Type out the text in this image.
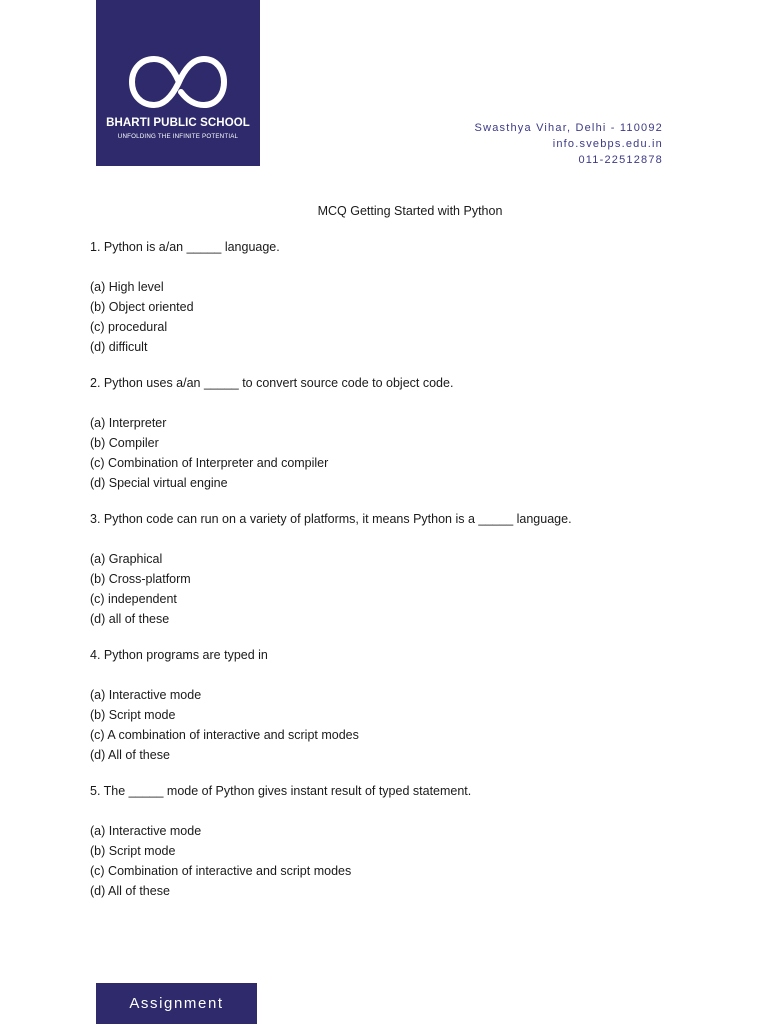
BHARTI PUBLIC SCHOOL
UNFOLDING THE INFINITE POTENTIAL
Swasthya Vihar, Delhi - 110092
info.svebps.edu.in
011-22512878
MCQ Getting Started with Python
1. Python is a/an _____ language.
(a) High level
(b) Object oriented
(c) procedural
(d) difficult
2. Python uses a/an _____ to convert source code to object code.
(a) Interpreter
(b) Compiler
(c) Combination of Interpreter and compiler
(d) Special virtual engine
3. Python code can run on a variety of platforms, it means Python is a _____ language.
(a) Graphical
(b) Cross-platform
(c) independent
(d) all of these
4. Python programs are typed in
(a) Interactive mode
(b) Script mode
(c) A combination of interactive and script modes
(d) All of these
5. The _____ mode of Python gives instant result of typed statement.
(a) Interactive mode
(b) Script mode
(c) Combination of interactive and script modes
(d) All of these
Assignment
